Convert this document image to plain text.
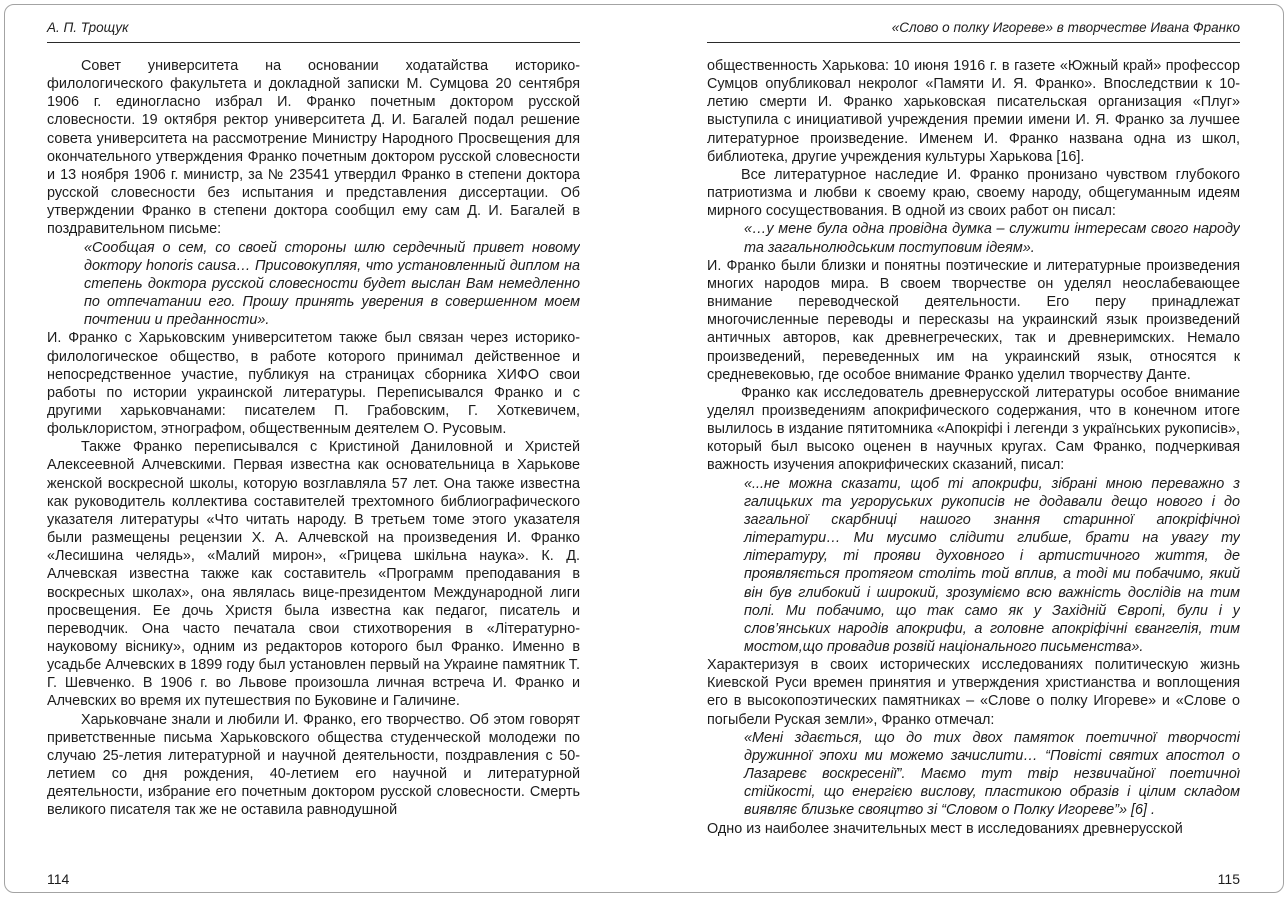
А. П. Трощук

Совет университета на основании ходатайства историко-филологического факультета и докладной записки М. Сумцова 20 сентября 1906 г. единогласно избрал И. Франко почетным доктором русской словесности. 19 октября ректор университета Д. И. Багалей подал решение совета университета на рассмотрение Министру Народного Просвещения для окончательного утверждения Франко почетным доктором русской словесности и 13 ноября 1906 г. министр, за № 23541 утвердил Франко в степени доктора русской словесности без испытания и представления диссертации. Об утверждении Франко в степени доктора сообщил ему сам Д. И. Багалей в поздравительном письме:

«Сообщая о сем, со своей стороны шлю сердечный привет новому доктору honoris causa… Присовокупляя, что установленный диплом на степень доктора русской словесности будет выслан Вам немедленно по отпечатании его. Прошу принять уверения в совершенном моем почтении и преданности».

И. Франко с Харьковским университетом также был связан через историко-филологическое общество, в работе которого принимал действенное и непосредственное участие, публикуя на страницах сборника ХИФО свои работы по истории украинской литературы. Переписывался Франко и с другими харьковчанами: писателем П. Грабовским, Г. Хоткевичем, фольклористом, этнографом, общественным деятелем О. Русовым.

Также Франко переписывался с Кристиной Даниловной и Христей Алексеевной Алчевскими. Первая известна как основательница в Харькове женской воскресной школы, которую возглавляла 57 лет. Она также известна как руководитель коллектива составителей трехтомного библиографического указателя литературы «Что читать народу. В третьем томе этого указателя были размещены рецензии Х. А. Алчевской на произведения И. Франко «Лесишина челядь», «Малий мирон», «Грицева шкільна наука». К. Д. Алчевская известна также как составитель «Программ преподавания в воскресных школах», она являлась вице-президентом Международной лиги просвещения. Ее дочь Христя была известна как педагог, писатель и переводчик. Она часто печатала свои стихотворения в «Літературно-науковому віснику», одним из редакторов которого был Франко. Именно в усадьбе Алчевских в 1899 году был установлен первый на Украине памятник Т. Г. Шевченко. В 1906 г. во Львове произошла личная встреча И. Франко и Алчевских во время их путешествия по Буковине и Галичине.

Харьковчане знали и любили И. Франко, его творчество. Об этом говорят приветственные письма Харьковского общества студенческой молодежи по случаю 25-летия литературной и научной деятельности, поздравления с 50-летием со дня рождения, 40-летием его научной и литературной деятельности, избрание его почетным доктором русской словесности. Смерть великого писателя так же не оставила равнодушной

114
«Слово о полку Игореве» в творчестве Ивана Франко

общественность Харькова: 10 июня 1916 г. в газете «Южный край» профессор Сумцов опубликовал некролог «Памяти И. Я. Франко». Впоследствии к 10-летию смерти И. Франко харьковская писательская организация «Плуг» выступила с инициативой учреждения премии имени И. Я. Франко за лучшее литературное произведение. Именем И. Франко названа одна из школ, библиотека, другие учреждения культуры Харькова [16].

Все литературное наследие И. Франко пронизано чувством глубокого патриотизма и любви к своему краю, своему народу, общегуманным идеям мирного сосуществования. В одной из своих работ он писал:

«…у мене була одна провідна думка – служити інтересам свого народу та загальнолюдським поступовим ідеям».

И. Франко были близки и понятны поэтические и литературные произведения многих народов мира. В своем творчестве он уделял неослабевающее внимание переводческой деятельности. Его перу принадлежат многочисленные переводы и пересказы на украинский язык произведений античных авторов, как древнегреческих, так и древнеримских. Немало произведений, переведенных им на украинский язык, относятся к средневековью, где особое внимание Франко уделил творчеству Данте.

Франко как исследователь древнерусской литературы особое внимание уделял произведениям апокрифического содержания, что в конечном итоге вылилось в издание пятитомника «Апокріфі і легенди з українських рукописів», который был высоко оценен в научных кругах. Сам Франко, подчеркивая важность изучения апокрифических сказаний, писал:

«...не можна сказати, щоб ті апокрифи, зібрані мною переважно з галицьких та угроруських рукописів не додавали дещо нового і до загальної скарбниці нашого знання старинної апокріфічної літератури… Ми мусимо слідити глибше, брати на увагу ту літературу, ті прояви духовного і артистичного життя, де проявляється протягом століть той вплив, а тоді ми побачимо, який він був глибокий і широкий, зрозуміємо всю важність дослідів на тим полі. Ми побачимо, що так само як у Західній Європі, були і у слов’янських народів апокрифи, а головне апокріфічні євангелія, тим мостом,що провадив розвій національного письменства».

Характеризуя в своих исторических исследованиях политическую жизнь Киевской Руси времен принятия и утверждения христианства и воплощения его в высокопоэтических памятниках – «Слове о полку Игореве» и «Слове о погыбели Руская земли», Франко отмечал:

«Мені здається, що до тих двох памяток поетичної творчості дружинної эпохи ми можемо зачислити… “Повісті святих апостол о Лазаревє воскресенії”. Маємо тут твір незвичайної поетичної стійкості, що енергією вислову, пластикою образів і цілим складом виявляє близьке свояцтво зі “Словом о Полку Игореве”» [6] .

Одно из наиболее значительных мест в исследованиях древнерусской

115
